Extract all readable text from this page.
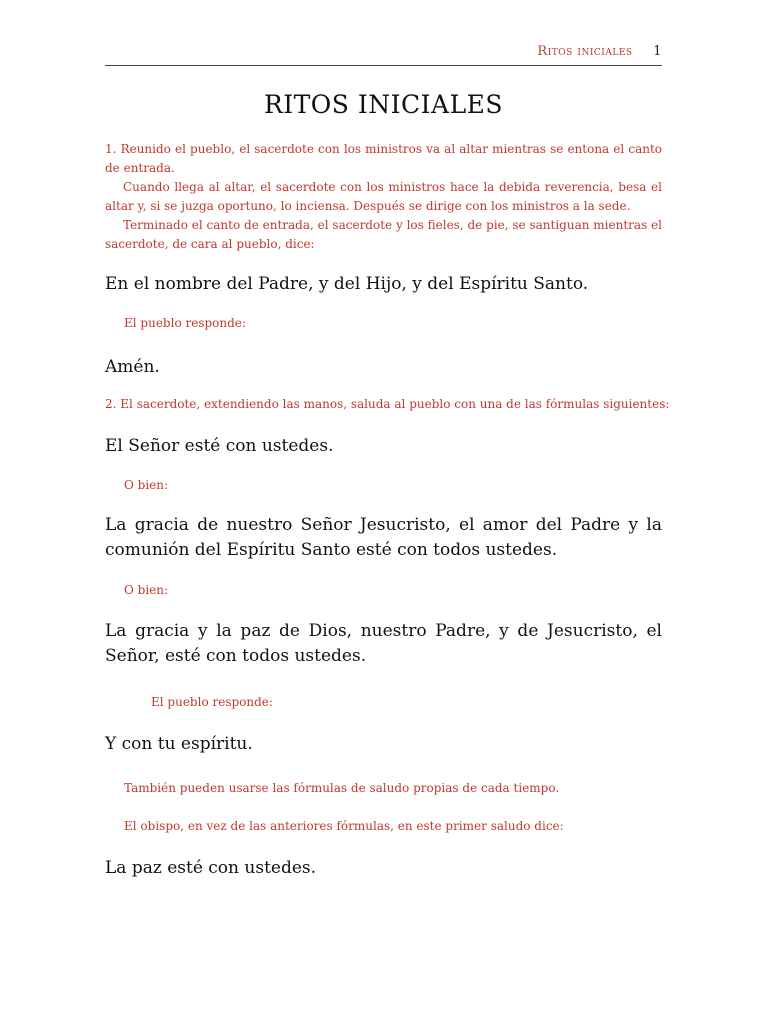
Ritos iniciales 1
RITOS INICIALES
1. Reunido el pueblo, el sacerdote con los ministros va al altar mientras se entona el canto de entrada.
Cuando llega al altar, el sacerdote con los ministros hace la debida reverencia, besa el altar y, si se juzga oportuno, lo inciensa. Después se dirige con los ministros a la sede.
Terminado el canto de entrada, el sacerdote y los fieles, de pie, se santiguan mientras el sacerdote, de cara al pueblo, dice:
En el nombre del Padre, y del Hijo, y del Espíritu Santo.
El pueblo responde:
Amén.
2. El sacerdote, extendiendo las manos, saluda al pueblo con una de las fórmulas siguientes:
El Señor esté con ustedes.
O bien:
La gracia de nuestro Señor Jesucristo, el amor del Padre y la comunión del Espíritu Santo esté con todos ustedes.
O bien:
La gracia y la paz de Dios, nuestro Padre, y de Jesucristo, el Señor, esté con todos ustedes.
El pueblo responde:
Y con tu espíritu.
También pueden usarse las fórmulas de saludo propias de cada tiempo.
El obispo, en vez de las anteriores fórmulas, en este primer saludo dice:
La paz esté con ustedes.
